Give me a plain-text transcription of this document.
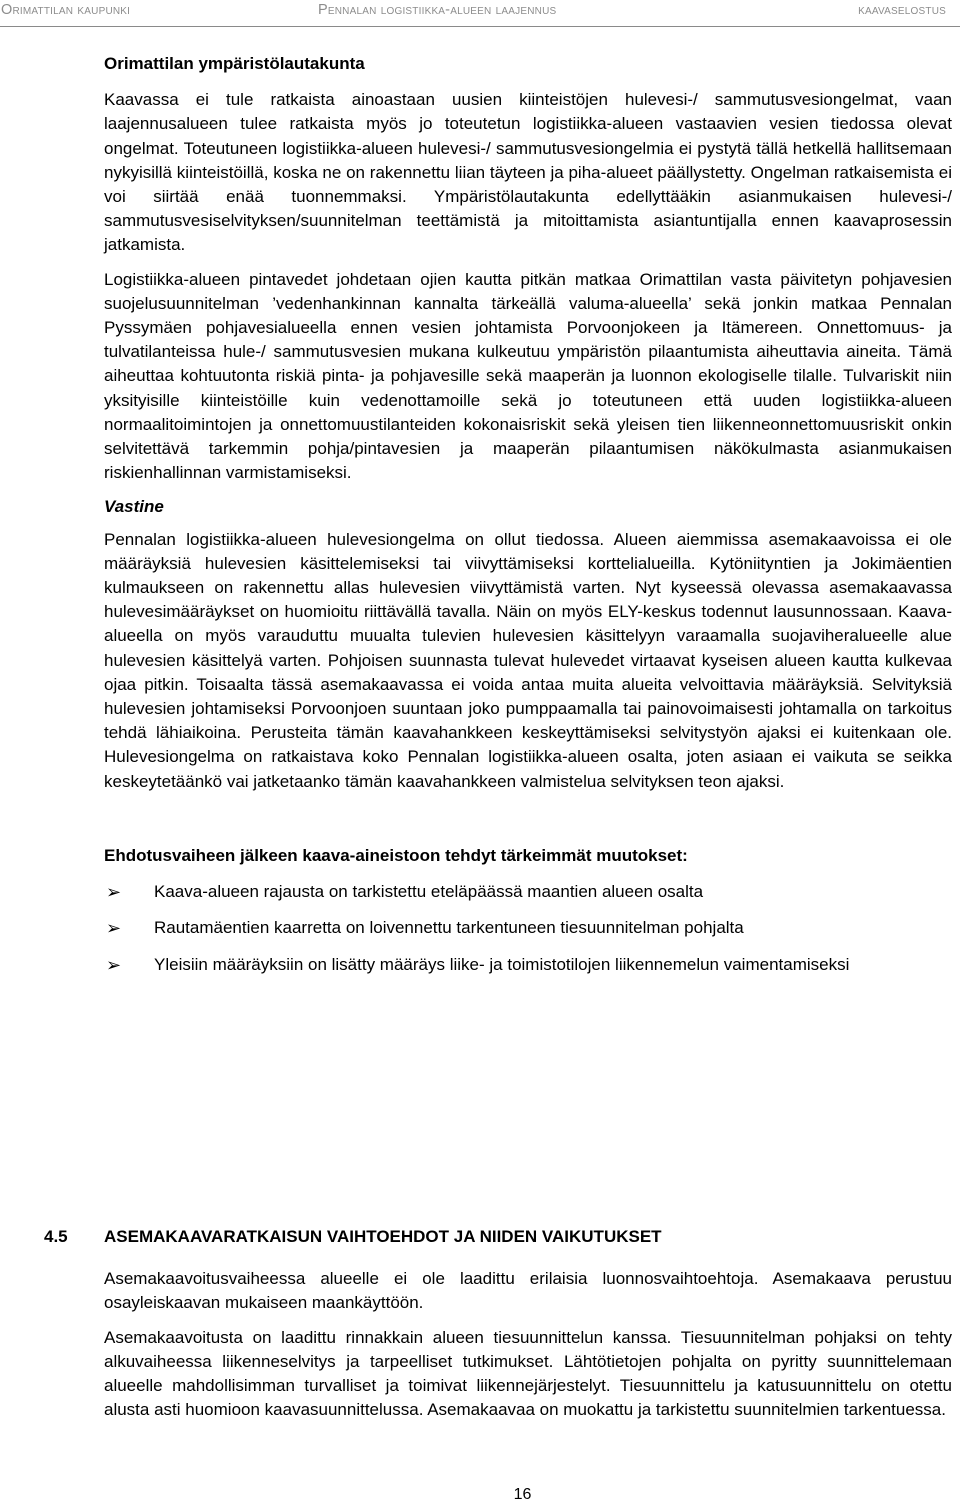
Orimattilan kaupunki	Pennalan logistiikka-alueen laajennus	kaavaselostus
Orimattilan ympäristölautakunta

Kaavassa ei tule ratkaista ainoastaan uusien kiinteistöjen hulevesi-/ sammutusvesiongelmat, vaan laajennusalueen tulee ratkaista myös jo toteutetun logistiikka-alueen vastaavien vesien tiedossa olevat ongelmat. Toteutuneen logistiikka-alueen hulevesi-/ sammutusvesiongelmia ei pystytä tällä hetkellä hallitsemaan nykyisillä kiinteistöillä, koska ne on rakennettu liian täyteen ja piha-alueet päällystetty. Ongelman ratkaisemista ei voi siirtää enää tuonnemmaksi. Ympäristölautakunta edellyttääkin asianmukaisen hulevesi-/ sammutusvesiselvityksen/suunnitelman teettämistä ja mitoittamista asiantuntijalla ennen kaavaprosessin jatkamista.

Logistiikka-alueen pintavedet johdetaan ojien kautta pitkän matkaa Orimattilan vasta päivitetyn pohjavesien suojelusuunnitelman ’vedenhankinnan kannalta tärkeällä valuma-alueella’ sekä jonkin matkaa Pennalan Pyssymäen pohjavesialueella ennen vesien johtamista Porvoonjokeen ja Itämereen. Onnettomuus- ja tulvatilanteissa hule-/ sammutusvesien mukana kulkeutuu ympäristön pilaantumista aiheuttavia aineita. Tämä aiheuttaa kohtuutonta riskiä pinta- ja pohjavesille sekä maaperän ja luonnon ekologiselle tilalle. Tulvariskit niin yksityisille kiinteistöille kuin vedenottamoille sekä jo toteutuneen että uuden logistiikka-alueen normaalitoimintojen ja onnettomuustilanteiden kokonaisriskit sekä yleisen tien liikenneonnettomuusriskit onkin selvitettävä tarkemmin pohja/pintavesien ja maaperän pilaantumisen näkökulmasta asianmukaisen riskienhallinnan varmistamiseksi.

Vastine

Pennalan logistiikka-alueen hulevesiongelma on ollut tiedossa. Alueen aiemmissa asemakaavoissa ei ole määräyksiä hulevesien käsittelemiseksi tai viivyttämiseksi korttelialueilla. Kytöniityntien ja Jokimäentien kulmaukseen on rakennettu allas hulevesien viivyttämistä varten. Nyt kyseessä olevassa asemakaavassa hulevesimääräykset on huomioitu riittävällä tavalla. Näin on myös ELY-keskus todennut lausunnossaan. Kaava-alueella on myös varauduttu muualta tulevien hulevesien käsittelyyn varaamalla suojaviheralueelle alue hulevesien käsittelyä varten. Pohjoisen suunnasta tulevat hulevedet virtaavat kyseisen alueen kautta kulkevaa ojaa pitkin. Toisaalta tässä asemakaavassa ei voida antaa muita alueita velvoittavia määräyksiä. Selvityksiä hulevesien johtamiseksi Porvoonjoen suuntaan joko pumppaamalla tai painovoimaisesti johtamalla on tarkoitus tehdä lähiaikoina. Perusteita tämän kaavahankkeen keskeyttämiseksi selvitystyön ajaksi ei kuitenkaan ole. Hulevesiongelma on ratkaistava koko Pennalan logistiikka-alueen osalta, joten asiaan ei vaikuta se seikka keskeytetäänkö vai jatketaanko tämän kaavahankkeen valmistelua selvityksen teon ajaksi.

Ehdotusvaiheen jälkeen kaava-aineistoon tehdyt tärkeimmät muutokset:
➢ Kaava-alueen rajausta on tarkistettu eteläpäässä maantien alueen osalta
➢ Rautamäentien kaarretta on loivennettu tarkentuneen tiesuunnitelman pohjalta
➢ Yleisiin määräyksiin on lisätty määräys liike- ja toimistotilojen liikennemelun vaimentamiseksi
4.5	ASEMAKAAVARATKAISUN VAIHTOEHDOT JA NIIDEN VAIKUTUKSET

Asemakaavoitusvaiheessa alueelle ei ole laadittu erilaisia luonnosvaihtoehtoja. Asemakaava perustuu osayleiskaavan mukaiseen maankäyttöön.

Asemakaavoitusta on laadittu rinnakkain alueen tiesuunnittelun kanssa. Tiesuunnitelman pohjaksi on tehty alkuvaiheessa liikenneselvitys ja tarpeelliset tutkimukset. Lähtötietojen pohjalta on pyritty suunnittelemaan alueelle mahdollisimman turvalliset ja toimivat liikennejärjestelyt. Tiesuunnittelu ja katusuunnittelu on otettu alusta asti huomioon kaavasuunnittelussa. Asemakaavaa on muokattu ja tarkistettu suunnitelmien tarkentuessa.

16
